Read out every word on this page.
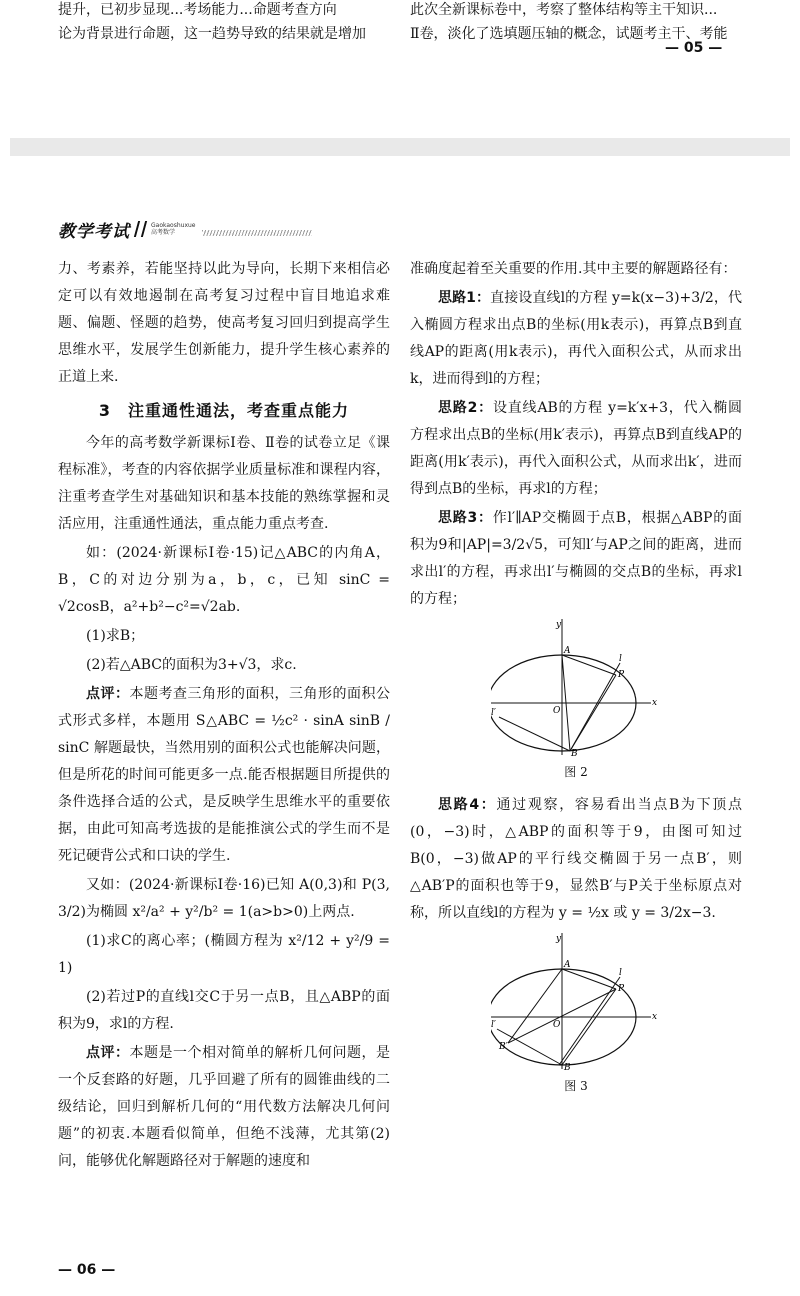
提升，已初步显现...考场能力...命题考查方向
论为背景进行命题，这一趋势导致的结果就是增加
此次全新课标卷中，考察了整体结构等主干知识...
Ⅱ卷，淡化了选填题压轴的概念，试题考主干、考能
— 05 —
教学考试	Gaokaoshuxue
高考数学

力、考素养，若能坚持以此为导向，长期下来相信必定可以有效地遏制在高考复习过程中盲目地追求难题、偏题、怪题的趋势，使高考复习回归到提高学生思维水平，发展学生创新能力，提升学生核心素养的正道上来.

3　注重通性通法，考查重点能力

今年的高考数学新课标Ⅰ卷、Ⅱ卷的试卷立足《课程标准》，考查的内容依据学业质量标准和课程内容，注重考查学生对基础知识和基本技能的熟练掌握和灵活应用，注重通性通法，重点能力重点考查.

如：(2024·新课标Ⅰ卷·15)记△ABC的内角A，B，C的对边分别为a，b，c，已知 sinC = √2cosB，a²+b²−c²=√2ab.

(1)求B；

(2)若△ABC的面积为3+√3，求c.

点评：本题考查三角形的面积，三角形的面积公式形式多样，本题用 S△ABC = ½c² · sinA sinB / sinC 解题最快，当然用别的面积公式也能解决问题，但是所花的时间可能更多一点.能否根据题目所提供的条件选择合适的公式，是反映学生思维水平的重要依据，由此可知高考选拔的是能推演公式的学生而不是死记硬背公式和口诀的学生.

又如：(2024·新课标Ⅰ卷·16)已知 A(0,3)和 P(3, 3/2)为椭圆 x²/a² + y²/b² = 1(a>b>0)上两点.

(1)求C的离心率；(椭圆方程为 x²/12 + y²/9 = 1)

(2)若过P的直线l交C于另一点B，且△ABP的面积为9，求l的方程.

点评：本题是一个相对简单的解析几何问题，是一个反套路的好题，几乎回避了所有的圆锥曲线的二级结论，回归到解析几何的“用代数方法解决几何问题”的初衷.本题看似简单，但绝不浅薄，尤其第(2)问，能够优化解题路径对于解题的速度和

准确度起着至关重要的作用.其中主要的解题路径有：

思路1：直接设直线l的方程 y=k(x−3)+3/2，代入椭圆方程求出点B的坐标(用k表示)，再算点B到直线AP的距离(用k表示)，再代入面积公式，从而求出k，进而得到l的方程；

思路2：设直线AB的方程 y=k′x+3，代入椭圆方程求出点B的坐标(用k′表示)，再算点B到直线AP的距离(用k′表示)，再代入面积公式，从而求出k′，进而得到点B的坐标，再求l的方程；

思路3：作l′∥AP交椭圆于点B，根据△ABP的面积为9和|AP|=3/2√5，可知l′与AP之间的距离，进而求出l′的方程，再求出l′与椭圆的交点B的坐标，再求l的方程；

y
x
O
A
B
P
l
l′
图 2

思路4：通过观察，容易看出当点B为下顶点(0，−3)时，△ABP的面积等于9，由图可知过B(0，−3)做AP的平行线交椭圆于另一点B′，则△AB′P的面积也等于9，显然B′与P关于坐标原点对称，所以直线l的方程为 y = ½x 或 y = 3/2x−3.

y
x
O
A
B
P
l
l′
B′
图 3
— 06 —
